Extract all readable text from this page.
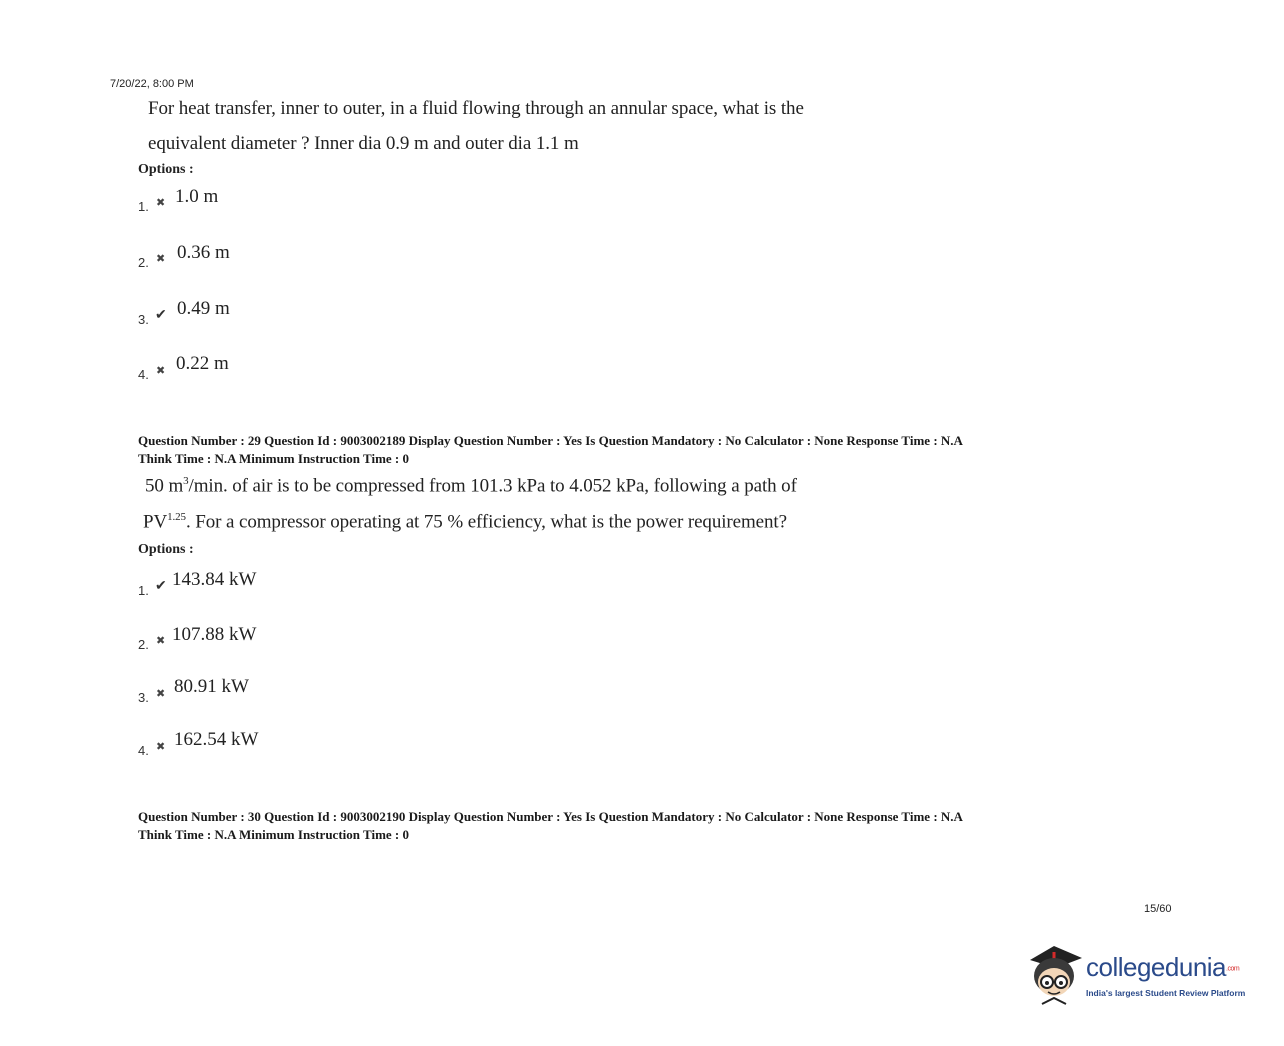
7/20/22, 8:00 PM
For heat transfer, inner to outer, in a fluid flowing through an annular space, what is the
equivalent diameter ? Inner dia 0.9 m and outer dia 1.1 m
Options :
1. ✖ 1.0 m
2. ✖ 0.36 m
3. ✔ 0.49 m
4. ✖ 0.22 m
Question Number : 29 Question Id : 9003002189 Display Question Number : Yes Is Question Mandatory : No Calculator : None Response Time : N.A
Think Time : N.A Minimum Instruction Time : 0
50 $m^3/\min$. of air is to be compressed from 101.3 kPa to 4.052 kPa, following a path of
$PV^{1.25}$. For a compressor operating at 75 % efficiency, what is the power requirement?
Options :
1. ✔ 143.84 kW
2. ✖ 107.88 kW
3. ✖ 80.91 kW
4. ✖ 162.54 kW
Question Number : 30 Question Id : 9003002190 Display Question Number : Yes Is Question Mandatory : No Calculator : None Response Time : N.A
Think Time : N.A Minimum Instruction Time : 0
15/60
collegedunia.com
India's largest Student Review Platform
